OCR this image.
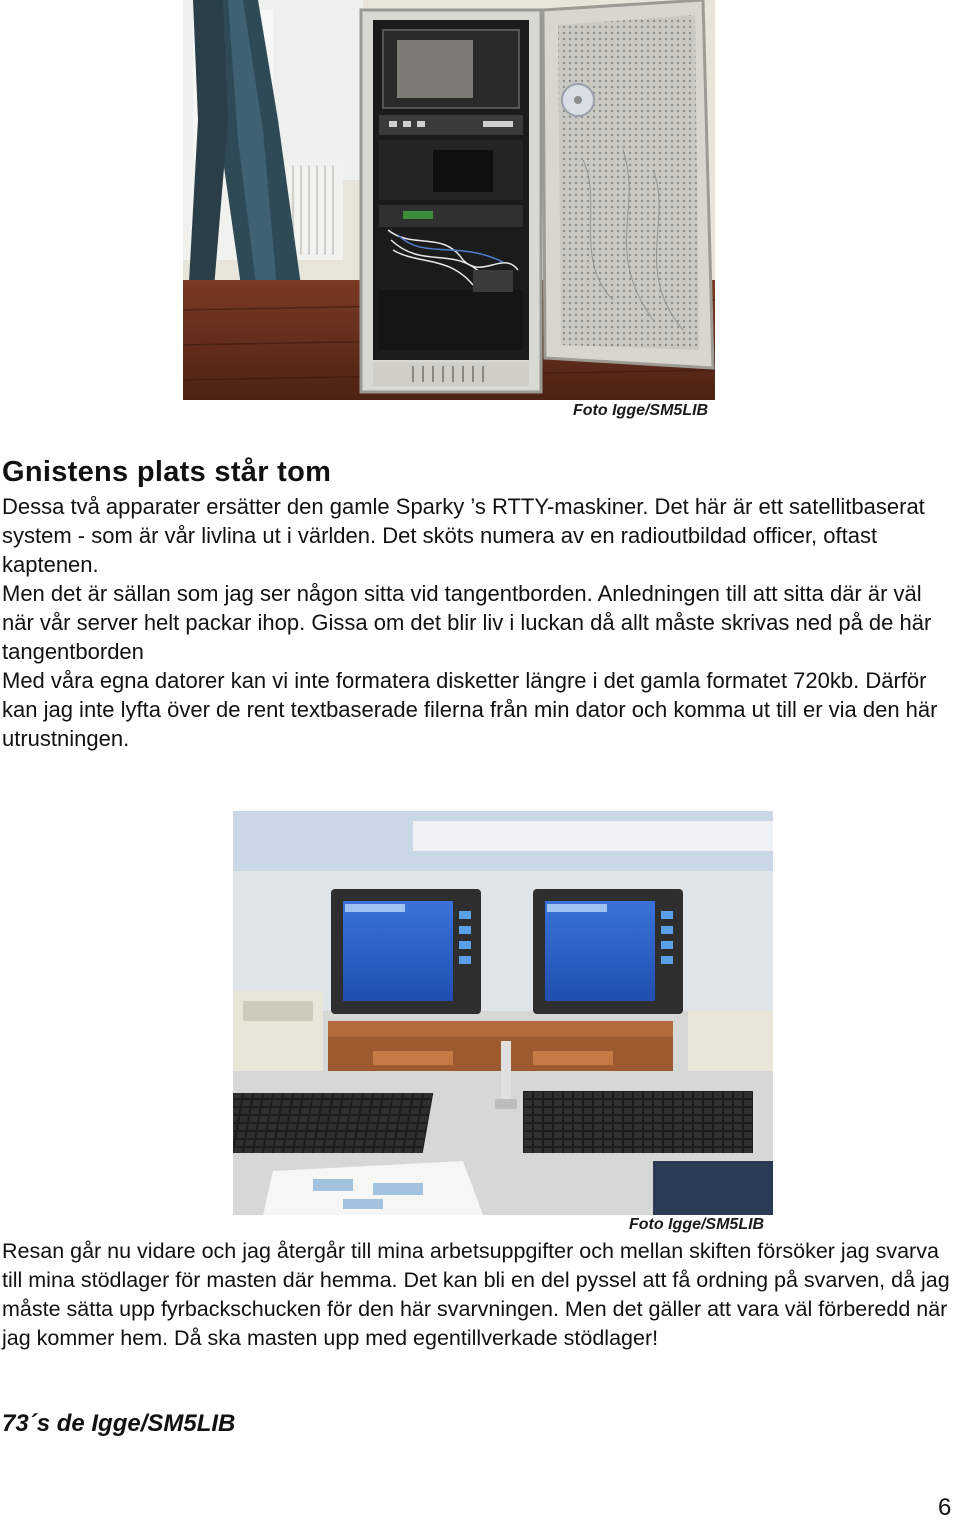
Foto Igge/SM5LIB
Gnistens plats står tom

Dessa två apparater ersätter den gamle Sparky ’s RTTY-maskiner. Det här är ett satellitbaserat system - som är vår livlina ut i världen. Det sköts numera av en radioutbildad officer, oftast kaptenen.

Men det är sällan som jag ser någon sitta vid tangentborden. Anledningen till att sitta där är väl när vår server helt packar ihop. Gissa om det blir liv i luckan då allt måste skrivas ned på de här tangentborden

Med våra egna datorer kan vi inte formatera disketter längre i det gamla formatet 720kb. Därför kan jag inte lyfta över de rent textbaserade filerna från min dator och komma ut till er via den här utrustningen.

Foto Igge/SM5LIB
Resan går nu vidare och jag återgår till mina arbetsuppgifter och mellan skiften försöker jag svarva till mina stödlager för masten där hemma. Det kan bli en del pyssel att få ordning på svarven, då jag måste sätta upp fyrbackschucken för den här svarvningen. Men det gäller att vara väl förberedd när jag kommer hem. Då ska masten upp med egentillverkade stödlager!
73´s de Igge/SM5LIB
6
